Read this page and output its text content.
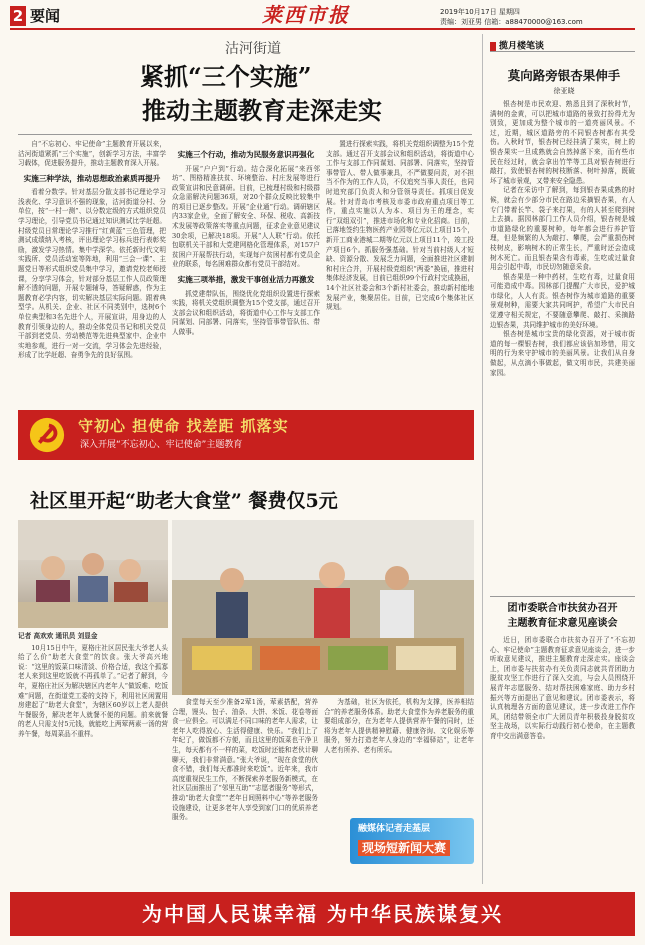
2 要闻	莱西市报	2019年10月17日 星期四
责编：刘亚男 信箱：a88470000@163.com
沽河街道
紧抓“三个实施”
推动主题教育走深走实

自“不忘初心、牢记使命”主题教育开展以来，沽河街道紧抓“三个实施”，创新学习方法，丰富学习载体，促进服务提升，推动主题教育深入开展。

实施三种学法，推动思想政治素质再提升

看着分数学。针对基层分散支部书记理论学习浅表化、学习意识不强的现象，沽河街道分村、分单位，按“一村一测”、以分数定级的方式组织党员学习理论，引导党员书记通过知识测试比学赶超。村级党员日常理论学习推行“红黄蓝”三色管理，把测试成绩纳入考核，评出理论学习标兵进行表彰奖励，激发学习热情。集中学深学。依托新时代文明实践所、党员活动室等阵地，利用“三会一课”、主题党日等形式组织党员集中学习，邀请党校老师授课，分享学习体会，针对部分基层工作人员政策理解不透的问题，开展专题辅导，答疑解惑，作为主题教育必学内容，切实解决基层实际问题。跟着典型学。从机关、企业、社区不同类别中，选树6个单位典型和3名先进个人，开展宣讲，用身边的人教育引领身边的人，推动全体党员书记和机关党员干部到老党员、劳动模范等先进典型家中、企业中实地参观，进行一对一交流，学习体会先进经验，形成了比学赶超、奋勇争先的良好氛围。

实施三个行动，推动为民服务意识再强化

开展“户户到”行动。结合深化拓展“来西邻坊”、图格精准扶贫、环境整治、村庄发展等进行政策宣讲和民意调研。目前，已梳理村级和村级群众急需解决问题36项，对20个群众反映比较集中的项目已逐步整改。开展“企业通”行动。调研辖区内33家企业，全面了解安全、环保、税收、高新技术发展等政策落实等重点问题，征求企业意见建议30余项，已解决18项。开展“人人联”行动。依托包联机关干部和大党建网格化管理体系，对157户贫困户开展帮扶行动，实现每户贫困村都有党员企业的联系，每名困难群众都有党员干部结对。

实施三项举措，激发干事创业活力再激发

抓党建带队伍，围绕优化党组织设置进行探索实践，将机关党组织调整为15个党支部，通过召开支部会议和组织活动，将街道中心工作与支部工作同谋划、同部署、同落实，坚持管事带管队伍、带人做事。

置进行探索实践，将机关党组织调整为15个党支部。通过召开支部会议和组织活动，将街道中心工作与支部工作同谋划、同部署、同落实，坚持管事带管人、带人做事兼具，不严做要问责，对不担当不作为的工作人员，不仅追究当事人责任，也同时追究部门负责人和分管领导责任。抓项目促发展。针对青岛市考核及市委市政府重点项目等工作，重点实施以人为本、项目为王的理念，实行“双组双引”，推进市场化和专业化招商。目前，已落地签约生物医药产业园等亿元以上项目15个，新开工商业港城二期等亿元以上项目11个，竣工投产项目6个。抓服务强基础。针对当前村级人才短缺、资源分散、发展乏力问题，全面推进社区建制和村庄合并，开展村级党组织“两委”换届，推进村集体经济发展，目前已组织99个行政村完成换届，14个社区社委会和3个新村社委会，推动新村能地发展产业，集聚居住。目前，已完成6个集体社区规划。

守初心 担使命 找差距 抓落实
深入开展“不忘初心、牢记使命”主题教育
社区里开起“助老大食堂” 餐费仅5元
记者 高欢欢 通讯员 刘显金

10月15日中午，夏格庄社区居民张大爷老人头给了么价“助老大食堂”的饮食。张大爷高兴地说：“这里的饭菜口味清淡、价格合适，我这个孤寡老人来到这里吃饭就不再孤单了。”记者了解到，今年，夏格庄社区为解决辖区内老年人“做饭难、吃饭难”问题，在街道党工委的支持下，利用社区闲置用房建起了“助老大食堂”，为辖区60岁以上老人提供午餐服务，解决老年人就餐不便的问题。前来就餐的老人只需支付5元钱，就能吃上两荤两素一汤的营养午餐，每周菜品不重样。

食堂每天至少准备2荤1汤，荤素搭配，营养合理，馒头、包子、油条、大饼、米饭、花卷等面食一应俱全。可以满足不同口味的老年人需求，让老年人吃得放心、生活得健康、快乐。“我们上了年纪了，做饭都不方便，而且这里的饭菜也干净卫生，每天都有不一样的菜，吃饭时还能和老伙计聊聊天，我们非常满意。”张大爷说，“现在食堂的伙食不错，我们每天都准时来吃饭”。近年来，我市高度重视民生工作，不断探索养老服务新模式，在社区层面推出了“邻里互助”“志愿者服务”等形式，推动“助老大食堂”“老年日间照料中心”等养老服务设施建设，让更多老年人享受到家门口的优质养老服务。

为基础，社区为依托，机构为支撑，医养相结合”的养老服务体系。助老大食堂作为养老服务的重要组成部分，在为老年人提供营养午餐的同时，还将为老年人提供精神慰藉、健康咨询、文化娱乐等服务，努力打造老年人身边的“幸福驿站”，让老年人老有所养、老有所乐。

融媒体记者走基层
现场短新闻大赛
揽月楼笔谈
莫向路旁银杏果伸手
徐亚晓

银杏树是市民欢迎、熟悉且到了深秋时节，满树的金黄，可以把城市道路的景致打扮得尤为别致，更加成为整个城市的一道亮丽风景。不过，近期，城区道路旁的不同银杏树都有其受伤。入秋时节，银杏树已经挂满了果实，树上的银杏果实一旦成熟就会自然掉落下来，而有些市民在经过时，就会拿出竹竿等工具对银杏树进行敲打，致使银杏树的树枝断落、树叶掉落，既破坏了城市景观，又带来安全隐患。

记者在采访中了解到，每到银杏果成熟的时候，就会有少部分市民在路边采摘银杏果，有人专门带着长竿、袋子来打果，有的人甚至爬到树上去摘。据园林部门工作人员介绍，银杏树是城市道路绿化的重要树种，每年都会进行养护管理，但是频繁的人为敲打、攀爬，会严重损伤树枝树皮，影响树木的正常生长，严重时还会造成树木死亡。而且银杏果含有毒素，生吃或过量食用会引起中毒，市民切勿随意采食。

银杏果是一种中药材，生吃有毒，过量食用可能造成中毒。园林部门提醒广大市民，爱护城市绿化，人人有责。银杏树作为城市道路的重要景观树种，需要大家共同呵护，希望广大市民自觉遵守相关规定，不要随意攀爬、敲打、采摘路边银杏果，共同维护城市的美好环境。

银杏树是城市宝贵的绿化资源，对于城市街道的每一棵银杏树，我们都应该倍加珍惜，用文明的行为来守护城市的美丽风景。让我们从自身做起，从点滴小事做起，做文明市民，共建美丽家园。

团市委联合市扶贫办召开
主题教育征求意见座谈会

近日，团市委联合市扶贫办召开了“不忘初心、牢记使命”主题教育征求意见座谈会，进一步听取意见建议，推进主题教育走深走实。座谈会上，团市委与扶贫办有关负责同志就共青团助力脱贫攻坚工作进行了深入交流，与会人员围绕开展青年志愿服务、结对帮扶困难家庭、助力乡村振兴等方面提出了意见和建议。团市委表示，将认真梳理各方面的意见建议，进一步改进工作作风，团结带领全市广大团员青年积极投身脱贫攻坚主战场，以实际行动践行初心使命，在主题教育中交出满意答卷。

为中国人民谋幸福 为中华民族谋复兴
